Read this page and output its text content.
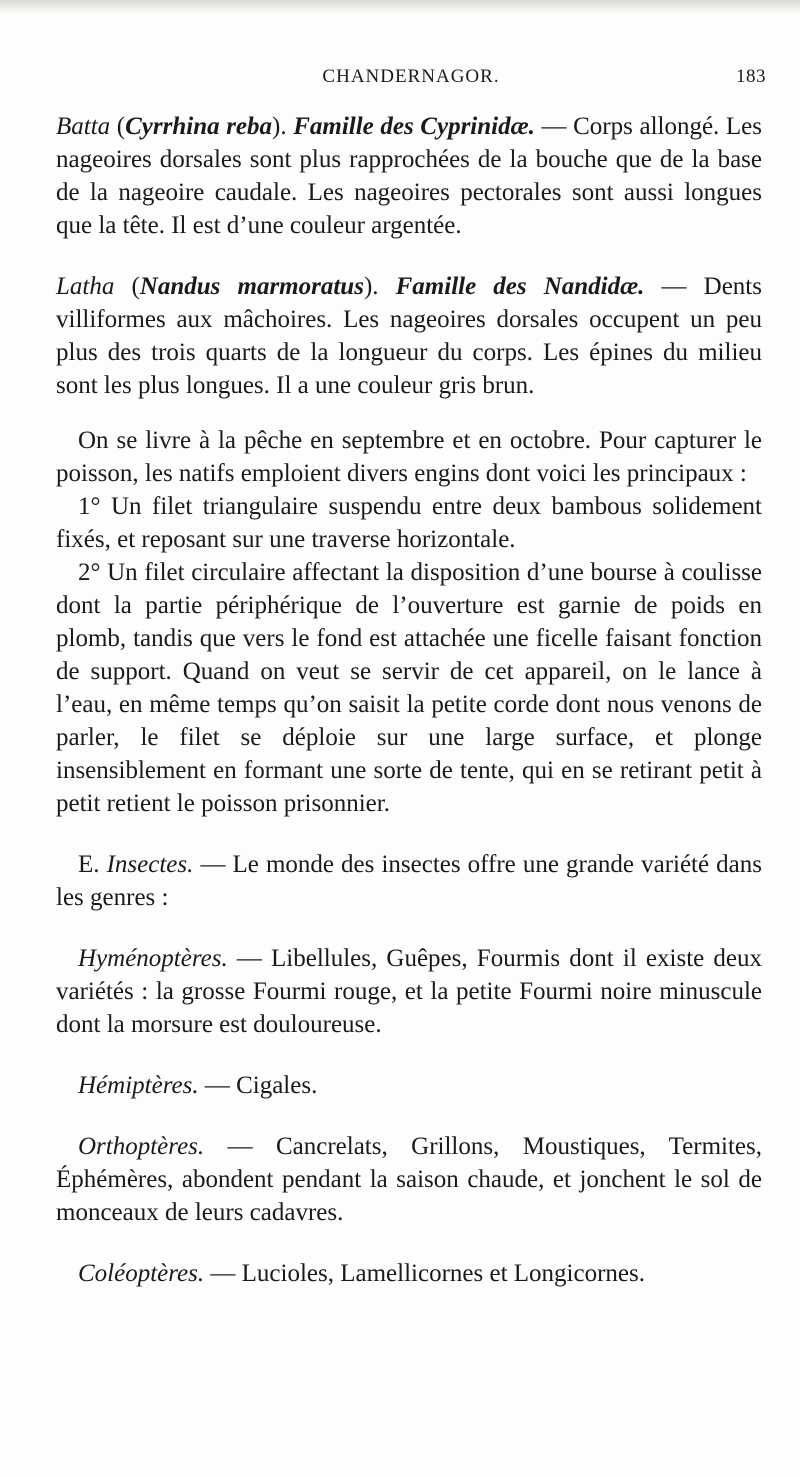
CHANDERNAGOR.	183

Batta (Cyrrhina reba). Famille des Cyprinidæ. — Corps allongé. Les nageoires dorsales sont plus rapprochées de la bouche que de la base de la nageoire caudale. Les nageoires pectorales sont aussi longues que la tête. Il est d’une couleur argentée.

Latha (Nandus marmoratus). Famille des Nandidæ. — Dents villiformes aux mâchoires. Les nageoires dorsales occupent un peu plus des trois quarts de la longueur du corps. Les épines du milieu sont les plus longues. Il a une couleur gris brun.

On se livre à la pêche en septembre et en octobre. Pour capturer le poisson, les natifs emploient divers engins dont voici les principaux :

1° Un filet triangulaire suspendu entre deux bambous solidement fixés, et reposant sur une traverse horizontale.

2° Un filet circulaire affectant la disposition d’une bourse à coulisse dont la partie périphérique de l’ouverture est garnie de poids en plomb, tandis que vers le fond est attachée une ficelle faisant fonction de support. Quand on veut se servir de cet appareil, on le lance à l’eau, en même temps qu’on saisit la petite corde dont nous venons de parler, le filet se déploie sur une large surface, et plonge insensiblement en formant une sorte de tente, qui en se retirant petit à petit retient le poisson prisonnier.

E. Insectes. — Le monde des insectes offre une grande variété dans les genres :

Hyménoptères. — Libellules, Guêpes, Fourmis dont il existe deux variétés : la grosse Fourmi rouge, et la petite Fourmi noire minuscule dont la morsure est douloureuse.

Hémiptères. — Cigales.

Orthoptères. — Cancrelats, Grillons, Moustiques, Termites, Éphémères, abondent pendant la saison chaude, et jonchent le sol de monceaux de leurs cadavres.

Coléoptères. — Lucioles, Lamellicornes et Longicornes.
